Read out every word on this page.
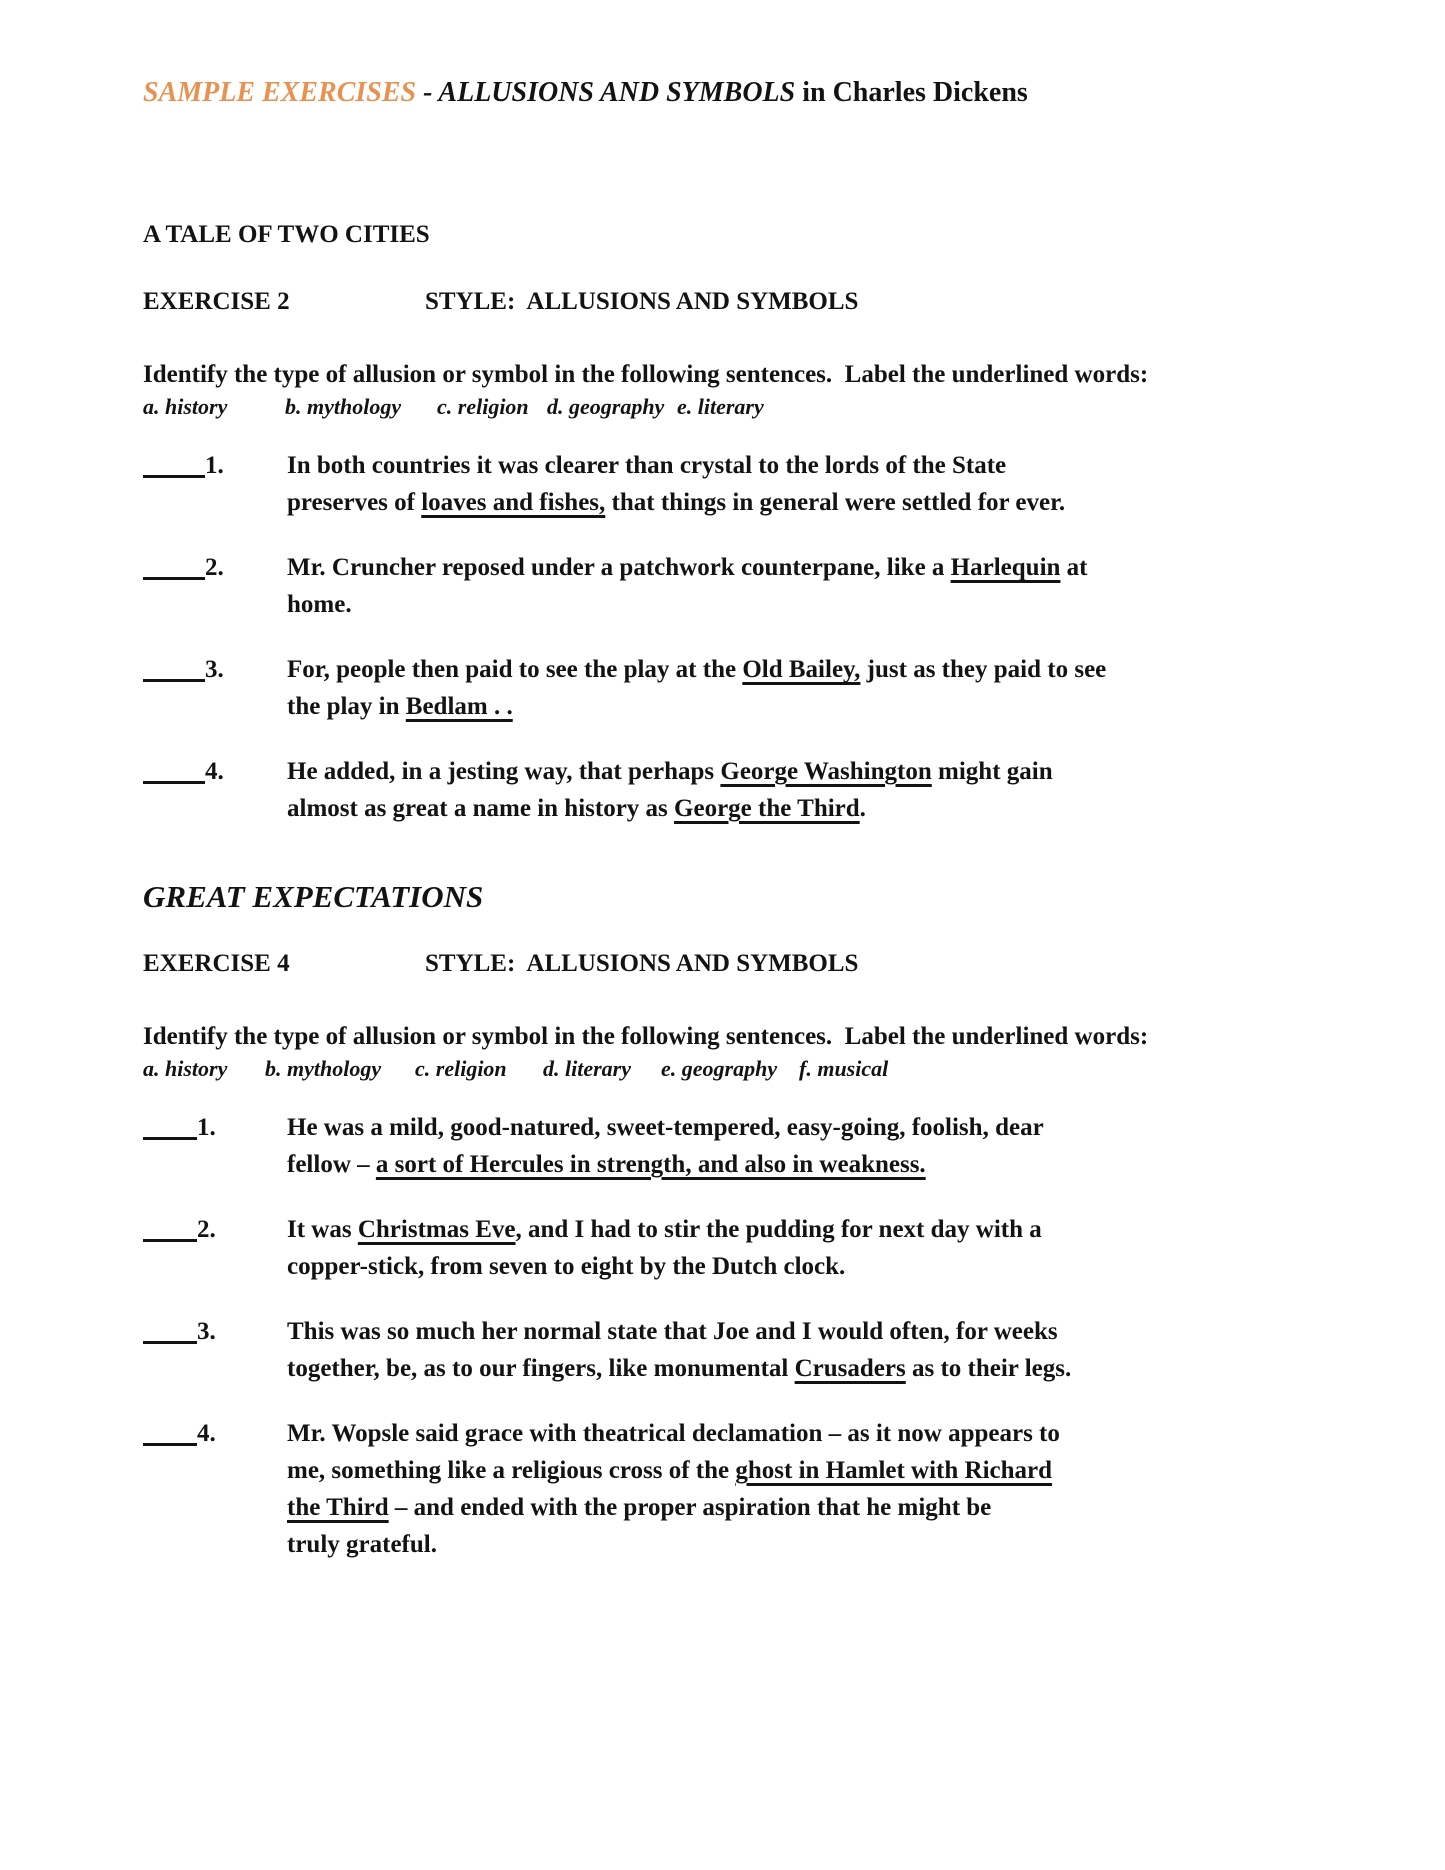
SAMPLE EXERCISES - ALLUSIONS AND SYMBOLS in Charles Dickens
A TALE OF TWO CITIES
EXERCISE 2	STYLE:  ALLUSIONS AND SYMBOLS
Identify the type of allusion or symbol in the following sentences.  Label the underlined words:
a. history	b. mythology c. religion d. geography e. literary
1.	In both countries it was clearer than crystal to the lords of the State
preserves of loaves and fishes, that things in general were settled for ever.
2.	Mr. Cruncher reposed under a patchwork counterpane, like a Harlequin at
home.
3.	For, people then paid to see the play at the Old Bailey, just as they paid to see
the play in Bedlam . .
4.	He added, in a jesting way, that perhaps George Washington might gain
almost as great a name in history as George the Third.
GREAT EXPECTATIONS
EXERCISE 4	STYLE:  ALLUSIONS AND SYMBOLS
Identify the type of allusion or symbol in the following sentences.  Label the underlined words:
a. history b. mythology c. religion d. literary e. geography f. musical
1.	He was a mild, good-natured, sweet-tempered, easy-going, foolish, dear
fellow – a sort of Hercules in strength, and also in weakness.
2.	It was Christmas Eve, and I had to stir the pudding for next day with a
copper-stick, from seven to eight by the Dutch clock.
3.	This was so much her normal state that Joe and I would often, for weeks
together, be, as to our fingers, like monumental Crusaders as to their legs.
4.	Mr. Wopsle said grace with theatrical declamation – as it now appears to
me, something like a religious cross of the ghost in Hamlet with Richard
the Third – and ended with the proper aspiration that he might be
truly grateful.
